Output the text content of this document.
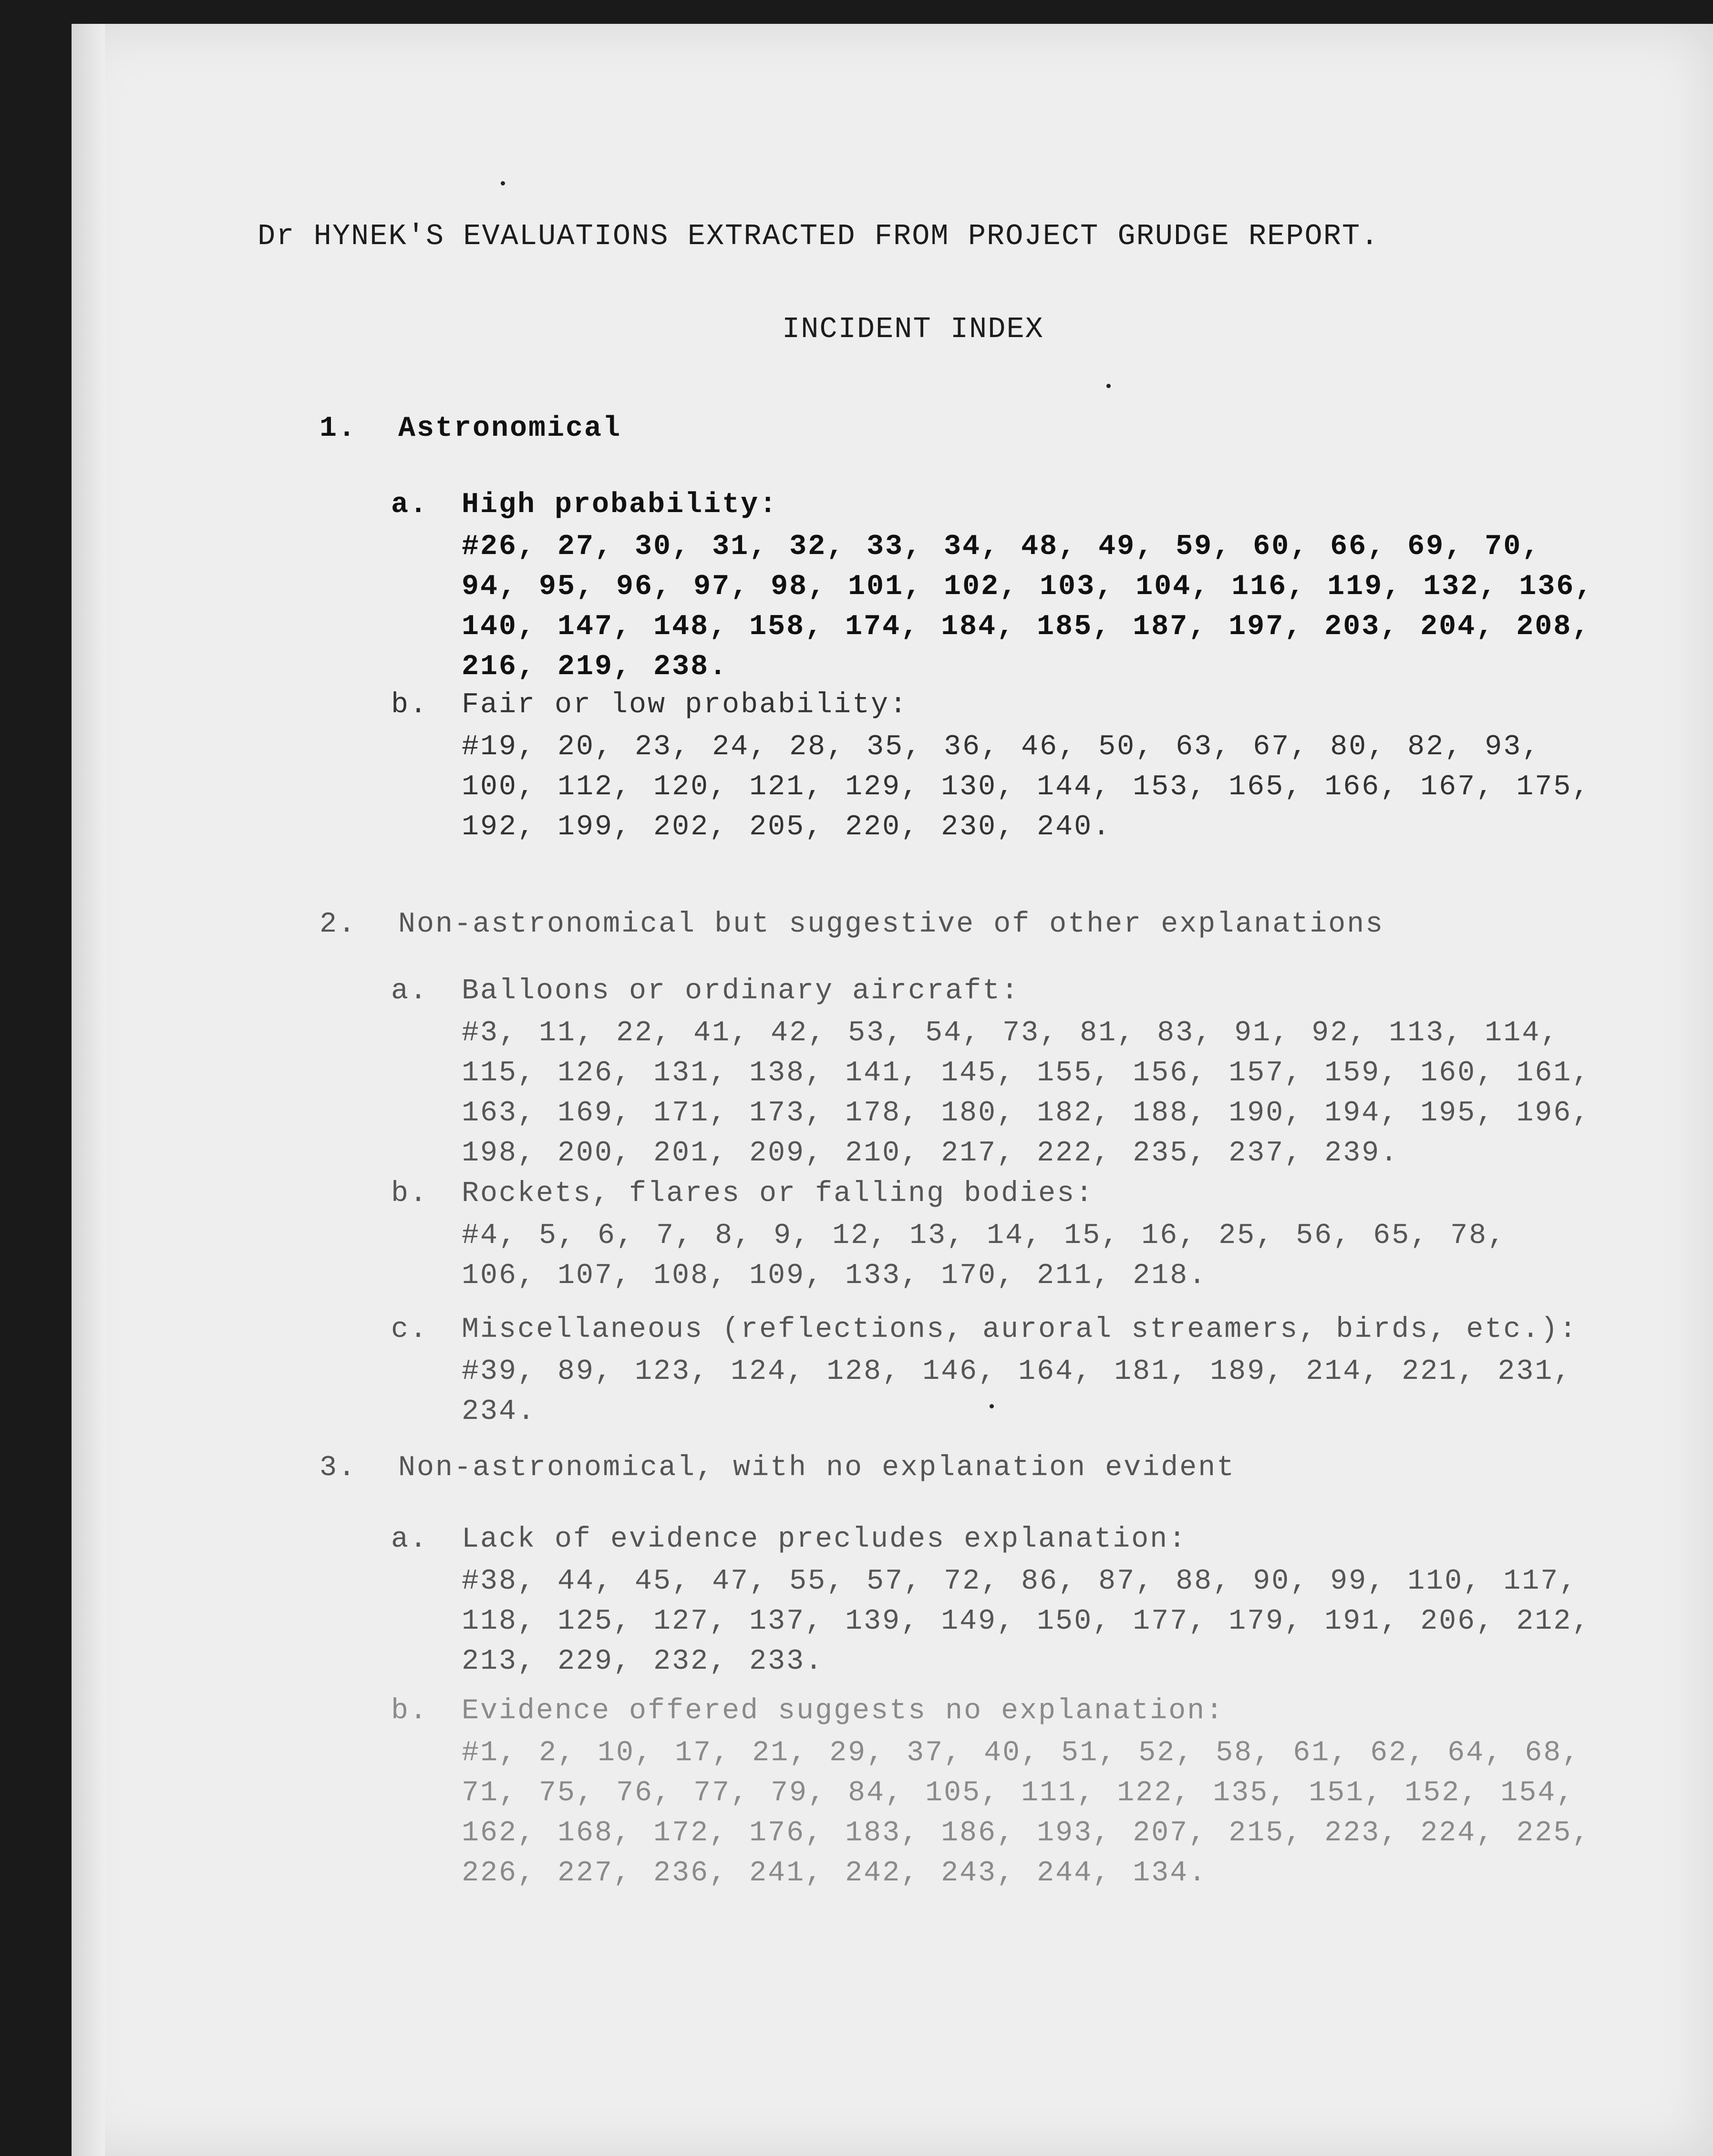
Dr HYNEK'S EVALUATIONS EXTRACTED FROM PROJECT GRUDGE REPORT.
INCIDENT INDEX
1. Astronomical
a. High probability:
#26, 27, 30, 31, 32, 33, 34, 48, 49, 59, 60, 66, 69, 70, 94, 95, 96, 97, 98, 101, 102, 103, 104, 116, 119, 132, 136, 140, 147, 148, 158, 174, 184, 185, 187, 197, 203, 204, 208, 216, 219, 238.
b. Fair or low probability:
#19, 20, 23, 24, 28, 35, 36, 46, 50, 63, 67, 80, 82, 93, 100, 112, 120, 121, 129, 130, 144, 153, 165, 166, 167, 175, 192, 199, 202, 205, 220, 230, 240.
2. Non-astronomical but suggestive of other explanations
a. Balloons or ordinary aircraft:
#3, 11, 22, 41, 42, 53, 54, 73, 81, 83, 91, 92, 113, 114, 115, 126, 131, 138, 141, 145, 155, 156, 157, 159, 160, 161, 163, 169, 171, 173, 178, 180, 182, 188, 190, 194, 195, 196, 198, 200, 201, 209, 210, 217, 222, 235, 237, 239.
b. Rockets, flares or falling bodies:
#4, 5, 6, 7, 8, 9, 12, 13, 14, 15, 16, 25, 56, 65, 78, 106, 107, 108, 109, 133, 170, 211, 218.
c. Miscellaneous (reflections, auroral streamers, birds, etc.):
#39, 89, 123, 124, 128, 146, 164, 181, 189, 214, 221, 231, 234.
3. Non-astronomical, with no explanation evident
a. Lack of evidence precludes explanation:
#38, 44, 45, 47, 55, 57, 72, 86, 87, 88, 90, 99, 110, 117, 118, 125, 127, 137, 139, 149, 150, 177, 179, 191, 206, 212, 213, 229, 232, 233.
b. Evidence offered suggests no explanation:
#1, 2, 10, 17, 21, 29, 37, 40, 51, 52, 58, 61, 62, 64, 68, 71, 75, 76, 77, 79, 84, 105, 111, 122, 135, 151, 152, 154, 162, 168, 172, 176, 183, 186, 193, 207, 215, 223, 224, 225, 226, 227, 236, 241, 242, 243, 244, 134.
